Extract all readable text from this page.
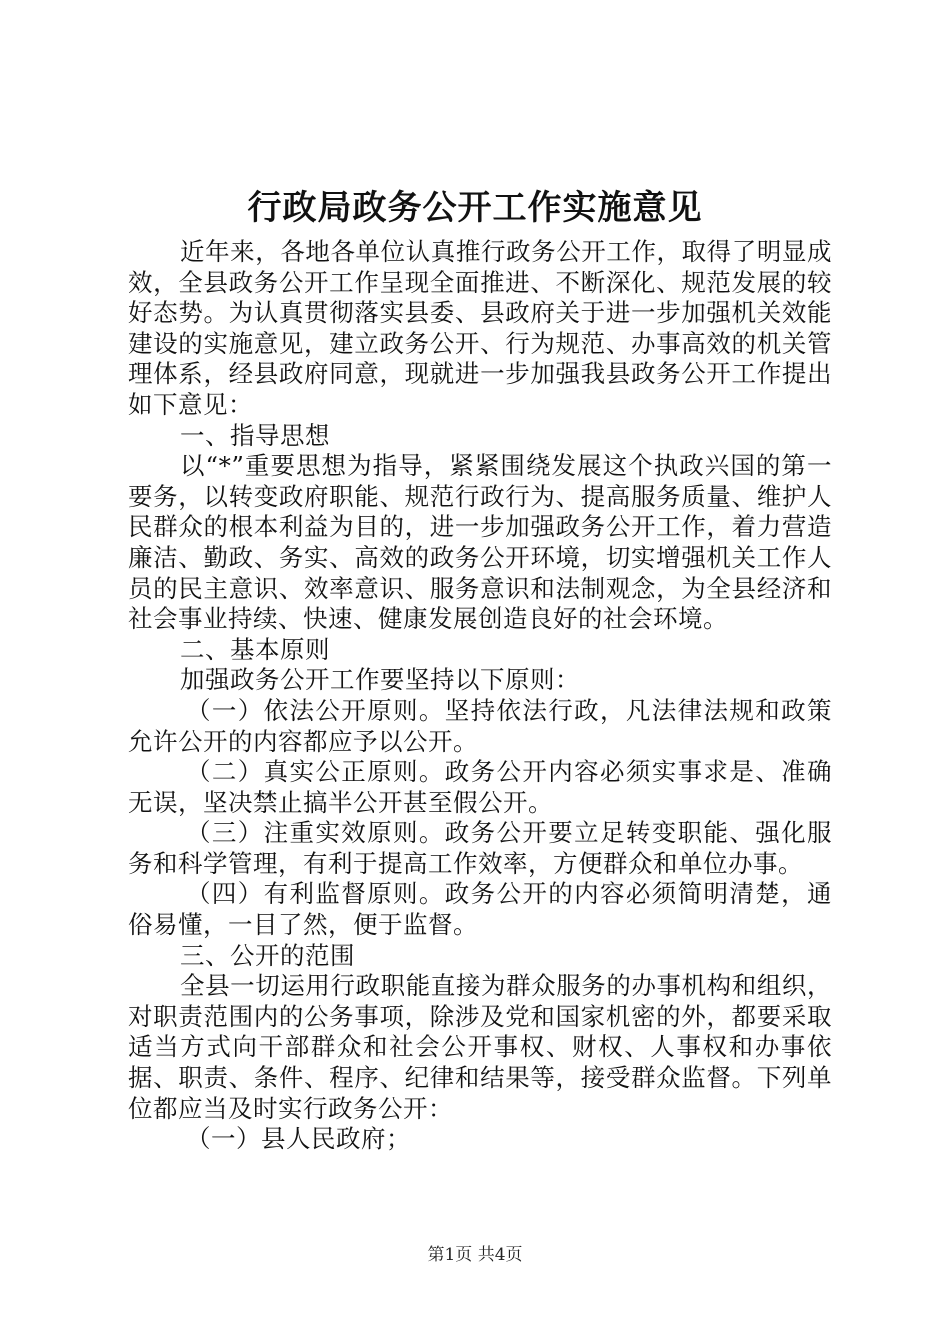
行政局政务公开工作实施意见

近年来，各地各单位认真推行政务公开工作，取得了明显成效，全县政务公开工作呈现全面推进、不断深化、规范发展的较好态势。为认真贯彻落实县委、县政府关于进一步加强机关效能建设的实施意见，建立政务公开、行为规范、办事高效的机关管理体系，经县政府同意，现就进一步加强我县政务公开工作提出如下意见：

一、指导思想

以“*”重要思想为指导，紧紧围绕发展这个执政兴国的第一要务，以转变政府职能、规范行政行为、提高服务质量、维护人民群众的根本利益为目的，进一步加强政务公开工作，着力营造廉洁、勤政、务实、高效的政务公开环境，切实增强机关工作人员的民主意识、效率意识、服务意识和法制观念，为全县经济和社会事业持续、快速、健康发展创造良好的社会环境。

二、基本原则

加强政务公开工作要坚持以下原则：

（一）依法公开原则。坚持依法行政，凡法律法规和政策允许公开的内容都应予以公开。

（二）真实公正原则。政务公开内容必须实事求是、准确无误，坚决禁止搞半公开甚至假公开。

（三）注重实效原则。政务公开要立足转变职能、强化服务和科学管理，有利于提高工作效率，方便群众和单位办事。

（四）有利监督原则。政务公开的内容必须简明清楚，通俗易懂，一目了然，便于监督。

三、公开的范围

全县一切运用行政职能直接为群众服务的办事机构和组织，对职责范围内的公务事项，除涉及党和国家机密的外，都要采取适当方式向干部群众和社会公开事权、财权、人事权和办事依据、职责、条件、程序、纪律和结果等，接受群众监督。下列单位都应当及时实行政务公开：

（一）县人民政府；

第1页 共4页
